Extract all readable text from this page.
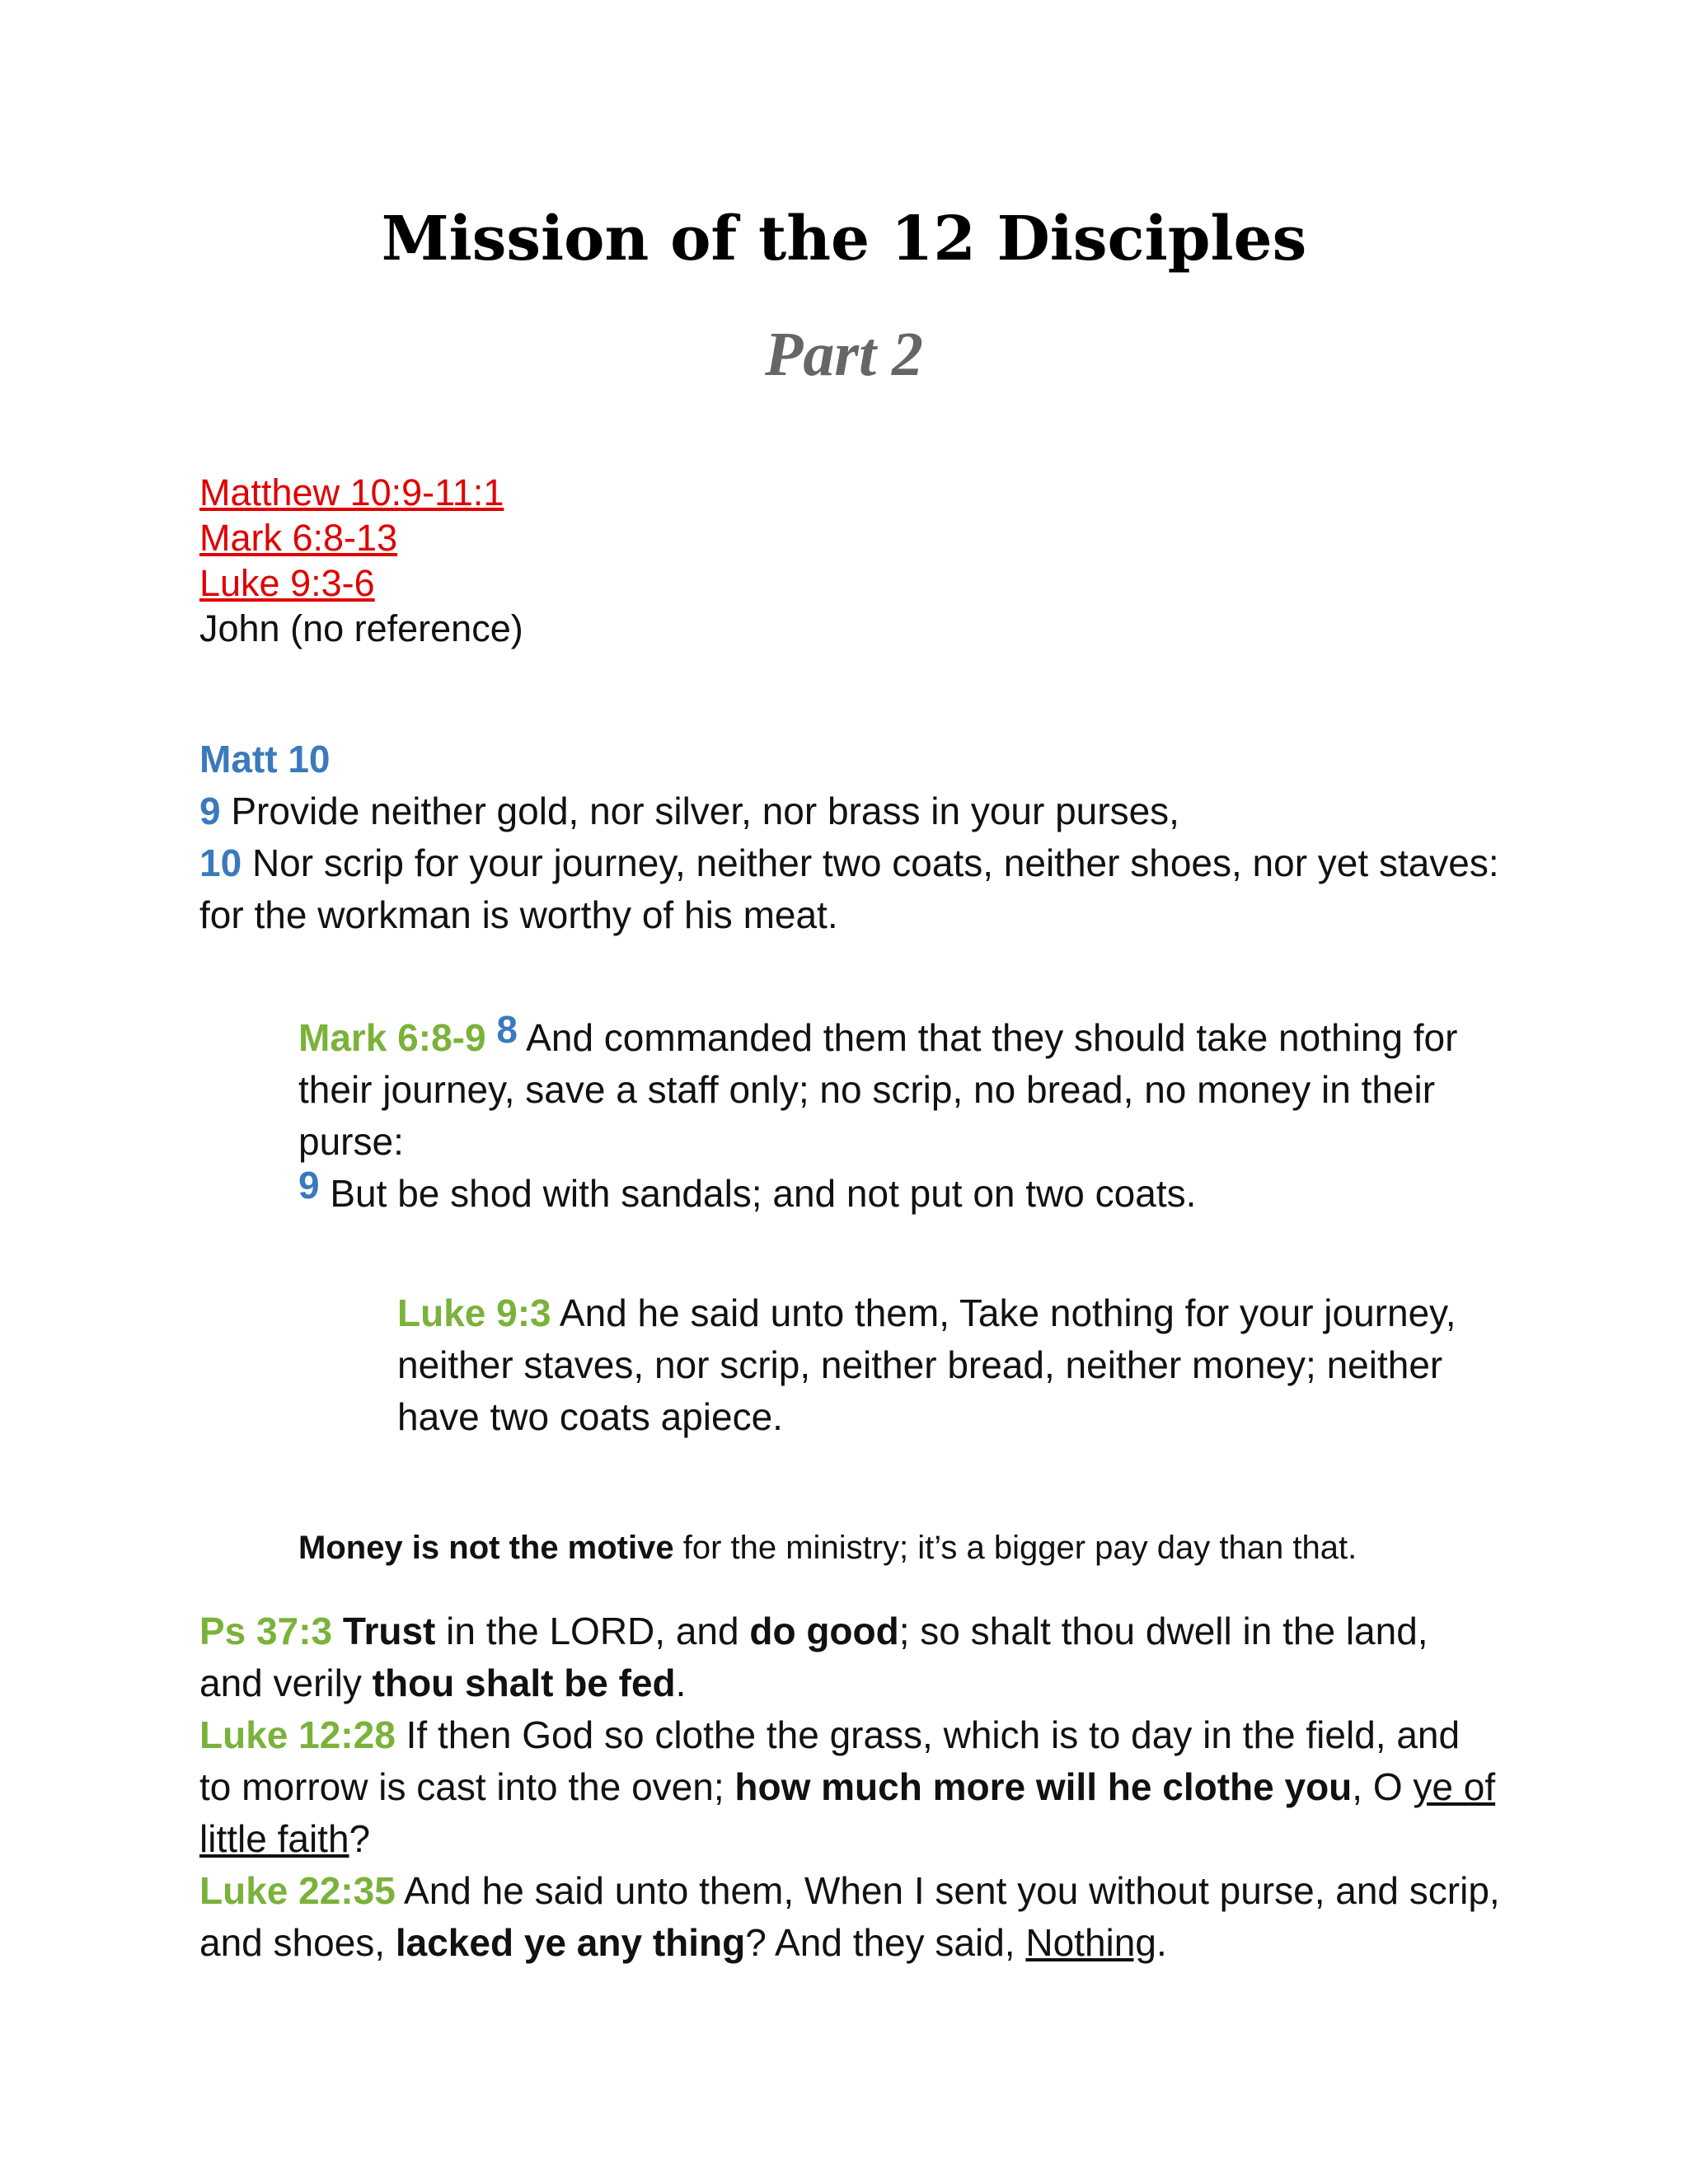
Mission of the 12 Disciples
Part 2
Matthew 10:9-11:1
Mark 6:8-13
Luke 9:3-6
John (no reference)

Matt 10

9 Provide neither gold, nor silver, nor brass in your purses,

10 Nor scrip for your journey, neither two coats, neither shoes, nor yet staves: for the workman is worthy of his meat.

Mark 6:8-9 8 And commanded them that they should take nothing for their journey, save a staff only; no scrip, no bread, no money in their purse:

9 But be shod with sandals; and not put on two coats.

Luke 9:3 And he said unto them, Take nothing for your journey, neither staves, nor scrip, neither bread, neither money; neither have two coats apiece.

Money is not the motive for the ministry; it’s a bigger pay day than that.

Ps 37:3 Trust in the LORD, and do good; so shalt thou dwell in the land, and verily thou shalt be fed.

Luke 12:28 If then God so clothe the grass, which is to day in the field, and to morrow is cast into the oven; how much more will he clothe you, O ye of little faith?

Luke 22:35 And he said unto them, When I sent you without purse, and scrip, and shoes, lacked ye any thing? And they said, Nothing.
